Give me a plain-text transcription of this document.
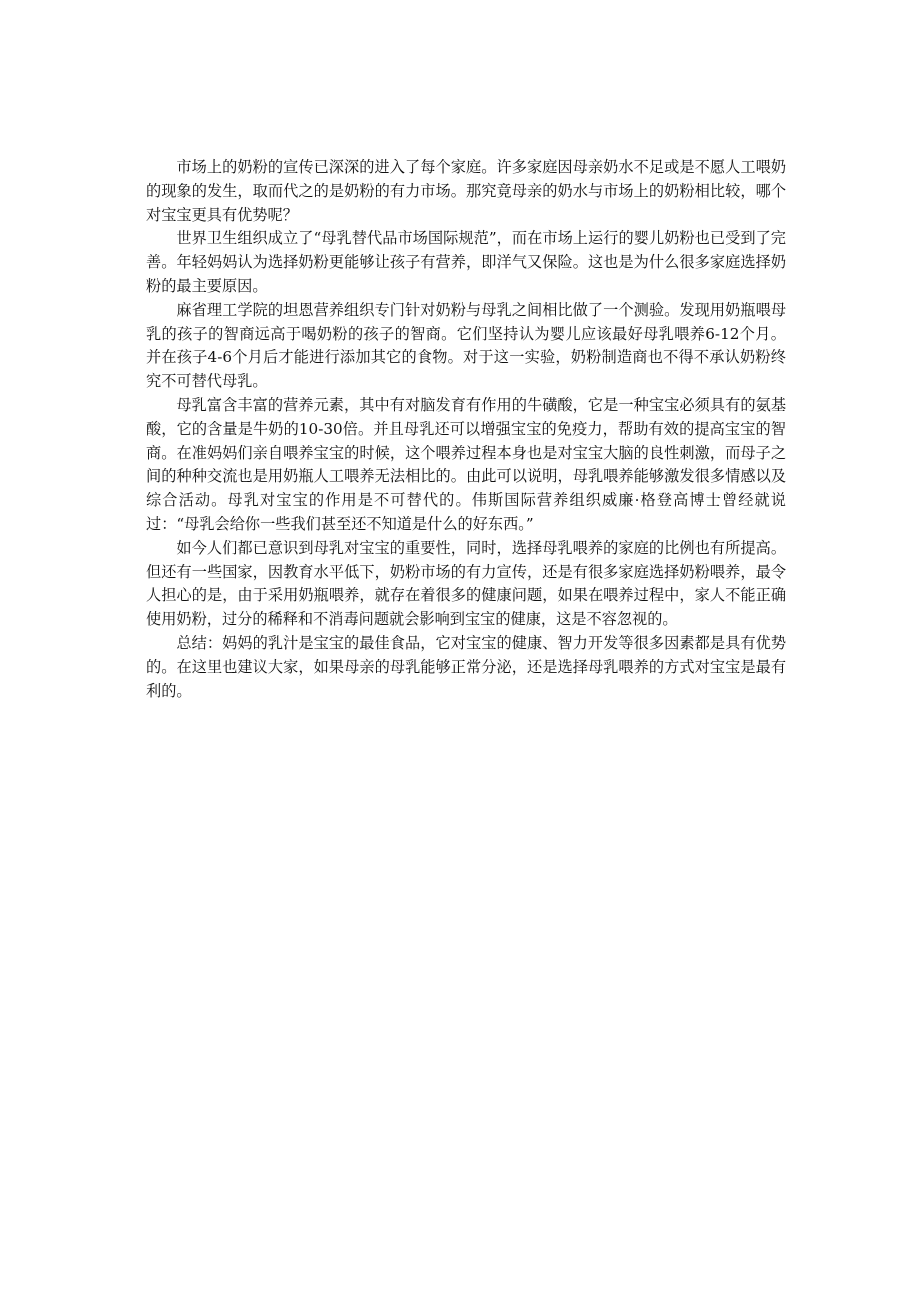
市场上的奶粉的宣传已深深的进入了每个家庭。许多家庭因母亲奶水不足或是不愿人工喂奶的现象的发生，取而代之的是奶粉的有力市场。那究竟母亲的奶水与市场上的奶粉相比较，哪个对宝宝更具有优势呢？

世界卫生组织成立了“母乳替代品市场国际规范”，而在市场上运行的婴儿奶粉也已受到了完善。年轻妈妈认为选择奶粉更能够让孩子有营养，即洋气又保险。这也是为什么很多家庭选择奶粉的最主要原因。

麻省理工学院的坦恩营养组织专门针对奶粉与母乳之间相比做了一个测验。发现用奶瓶喂母乳的孩子的智商远高于喝奶粉的孩子的智商。它们坚持认为婴儿应该最好母乳喂养6-12个月。并在孩子4-6个月后才能进行添加其它的食物。对于这一实验，奶粉制造商也不得不承认奶粉终究不可替代母乳。

母乳富含丰富的营养元素，其中有对脑发育有作用的牛磺酸，它是一种宝宝必须具有的氨基酸，它的含量是牛奶的10-30倍。并且母乳还可以增强宝宝的免疫力，帮助有效的提高宝宝的智商。在准妈妈们亲自喂养宝宝的时候，这个喂养过程本身也是对宝宝大脑的良性刺激，而母子之间的种种交流也是用奶瓶人工喂养无法相比的。由此可以说明，母乳喂养能够激发很多情感以及综合活动。母乳对宝宝的作用是不可替代的。伟斯国际营养组织威廉·格登高博士曾经就说过：“母乳会给你一些我们甚至还不知道是什么的好东西。”

如今人们都已意识到母乳对宝宝的重要性，同时，选择母乳喂养的家庭的比例也有所提高。但还有一些国家，因教育水平低下，奶粉市场的有力宣传，还是有很多家庭选择奶粉喂养，最令人担心的是，由于采用奶瓶喂养，就存在着很多的健康问题，如果在喂养过程中，家人不能正确使用奶粉，过分的稀释和不消毒问题就会影响到宝宝的健康，这是不容忽视的。

总结：妈妈的乳汁是宝宝的最佳食品，它对宝宝的健康、智力开发等很多因素都是具有优势的。在这里也建议大家，如果母亲的母乳能够正常分泌，还是选择母乳喂养的方式对宝宝是最有利的。
